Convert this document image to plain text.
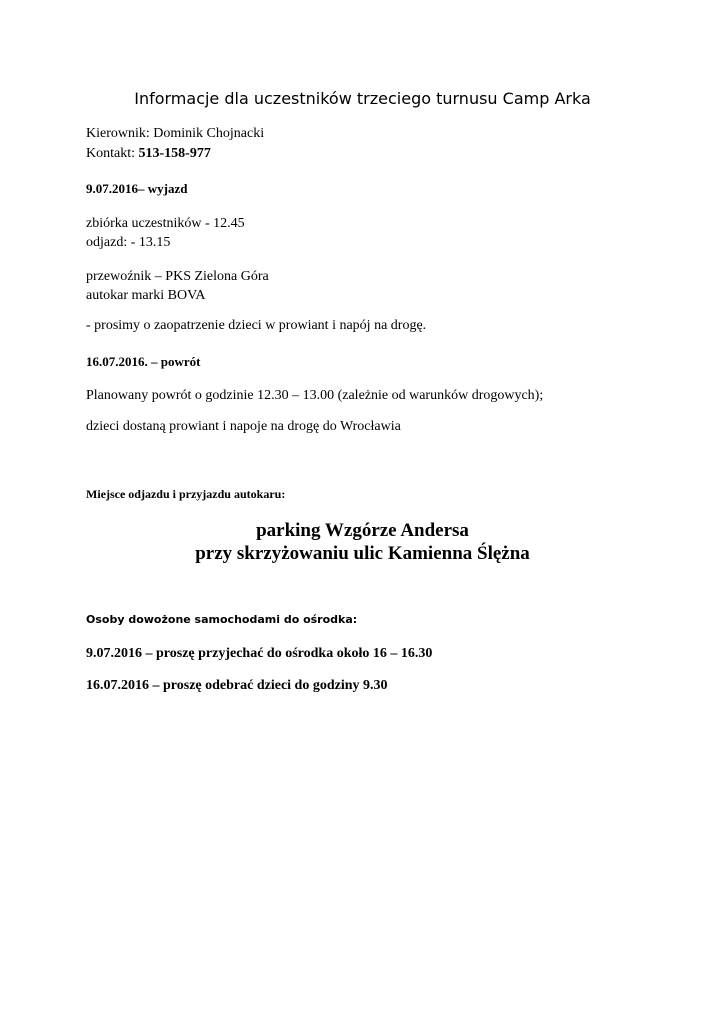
Informacje dla uczestników trzeciego turnusu Camp Arka
Kierownik: Dominik Chojnacki
Kontakt: 513-158-977
9.07.2016– wyjazd
zbiórka uczestników - 12.45
odjazd: - 13.15
przewoźnik – PKS Zielona Góra
autokar marki BOVA
- prosimy o zaopatrzenie dzieci w prowiant i napój na drogę.
16.07.2016. – powrót
Planowany powrót o godzinie 12.30 – 13.00 (zależnie od warunków drogowych);
dzieci dostaną prowiant i napoje na drogę do Wrocławia
Miejsce odjazdu i przyjazdu autokaru:
parking Wzgórze Andersa
przy skrzyżowaniu ulic Kamienna Ślężna
Osoby dowożone samochodami do ośrodka:
9.07.2016 – proszę przyjechać do ośrodka około 16 – 16.30
16.07.2016 – proszę odebrać dzieci do godziny 9.30
